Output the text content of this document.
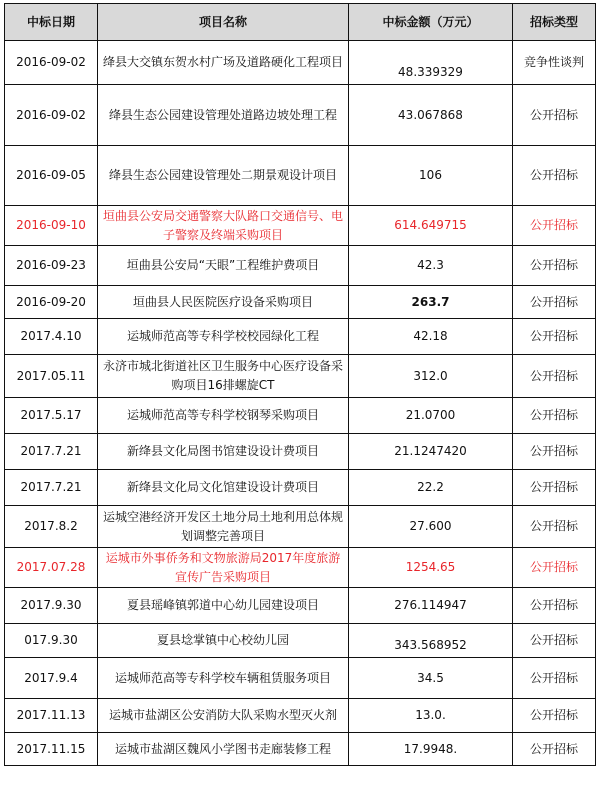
中标日期	项目名称	中标金额（万元）	招标类型
2016-09-02	绛县大交镇东贺水村广场及道路硬化工程项目	48.339329	竞争性谈判
2016-09-02	绛县生态公园建设管理处道路边坡处理工程	43.067868	公开招标
2016-09-05	绛县生态公园建设管理处二期景观设计项目	106	公开招标
2016-09-10	垣曲县公安局交通警察大队路口交通信号、电子警察及终端采购项目	614.649715	公开招标
2016-09-23	垣曲县公安局“天眼”工程维护费项目	42.3	公开招标
2016-09-20	垣曲县人民医院医疗设备采购项目	263.7	公开招标
2017.4.10	运城师范高等专科学校校园绿化工程	42.18	公开招标
2017.05.11	永济市城北街道社区卫生服务中心医疗设备采购项目16排螺旋CT	312.0	公开招标
2017.5.17	运城师范高等专科学校钢琴采购项目	21.0700	公开招标
2017.7.21	新绛县文化局图书馆建设设计费项目	21.1247420	公开招标
2017.7.21	新绛县文化局文化馆建设设计费项目	22.2	公开招标
2017.8.2	运城空港经济开发区土地分局土地利用总体规划调整完善项目	27.600	公开招标
2017.07.28	运城市外事侨务和文物旅游局2017年度旅游宣传广告采购项目	1254.65	公开招标
2017.9.30	夏县瑶峰镇郭道中心幼儿园建设项目	276.114947	公开招标
017.9.30	夏县埝掌镇中心校幼儿园	343.568952	公开招标
2017.9.4	运城师范高等专科学校车辆租赁服务项目	34.5	公开招标
2017.11.13	运城市盐湖区公安消防大队采购水型灭火剂	13.0.	公开招标
2017.11.15	运城市盐湖区魏风小学图书走廊装修工程	17.9948.	公开招标
